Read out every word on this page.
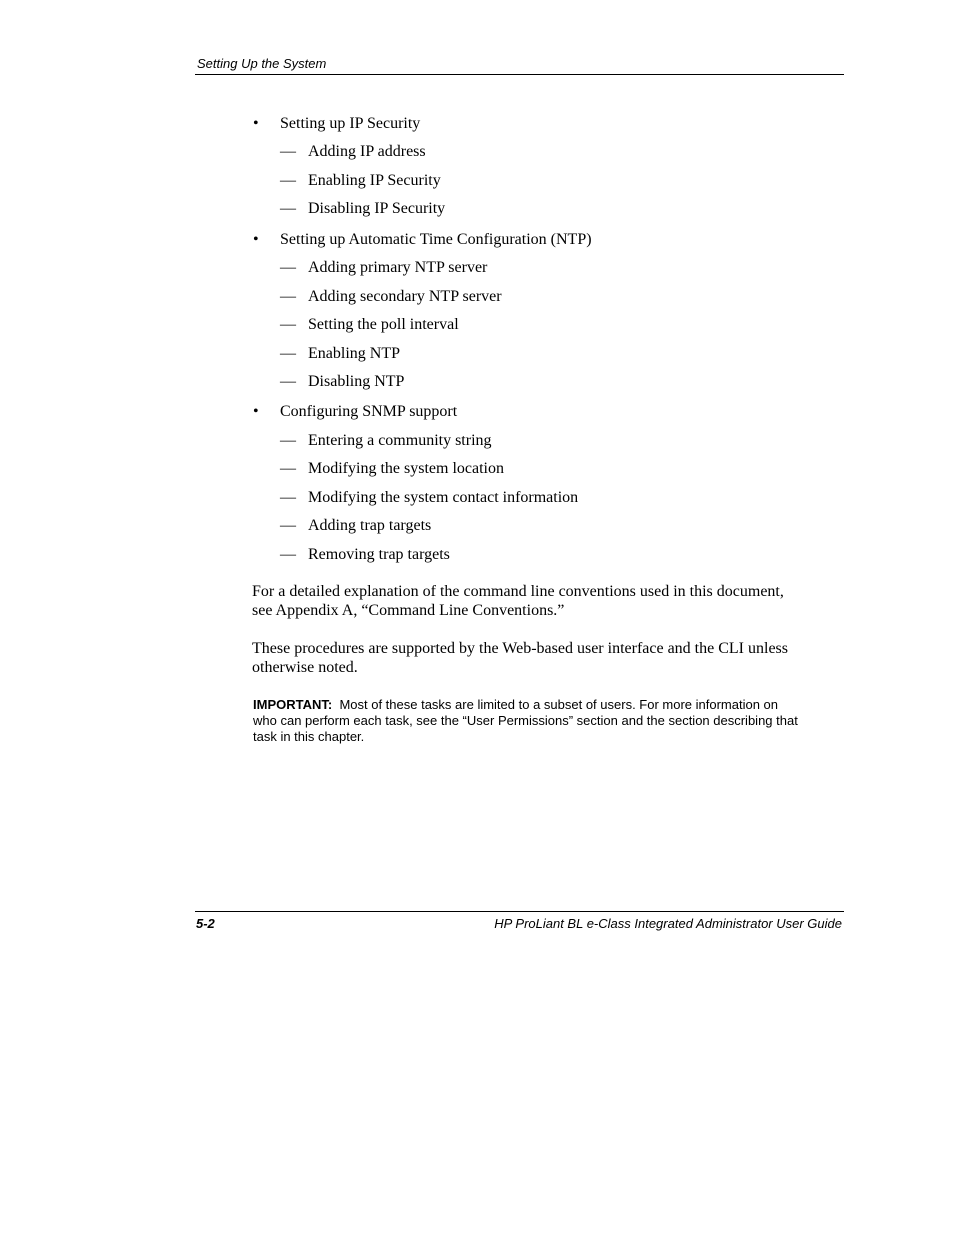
Setting Up the System
• Setting up IP Security
— Adding IP address
— Enabling IP Security
— Disabling IP Security
• Setting up Automatic Time Configuration (NTP)
— Adding primary NTP server
— Adding secondary NTP server
— Setting the poll interval
— Enabling NTP
— Disabling NTP
• Configuring SNMP support
— Entering a community string
— Modifying the system location
— Modifying the system contact information
— Adding trap targets
— Removing trap targets
For a detailed explanation of the command line conventions used in this document,
see Appendix A, “Command Line Conventions.”
These procedures are supported by the Web-based user interface and the CLI unless
otherwise noted.
IMPORTANT: Most of these tasks are limited to a subset of users. For more information on
who can perform each task, see the “User Permissions” section and the section describing that
task in this chapter.
5-2	HP ProLiant BL e-Class Integrated Administrator User Guide
